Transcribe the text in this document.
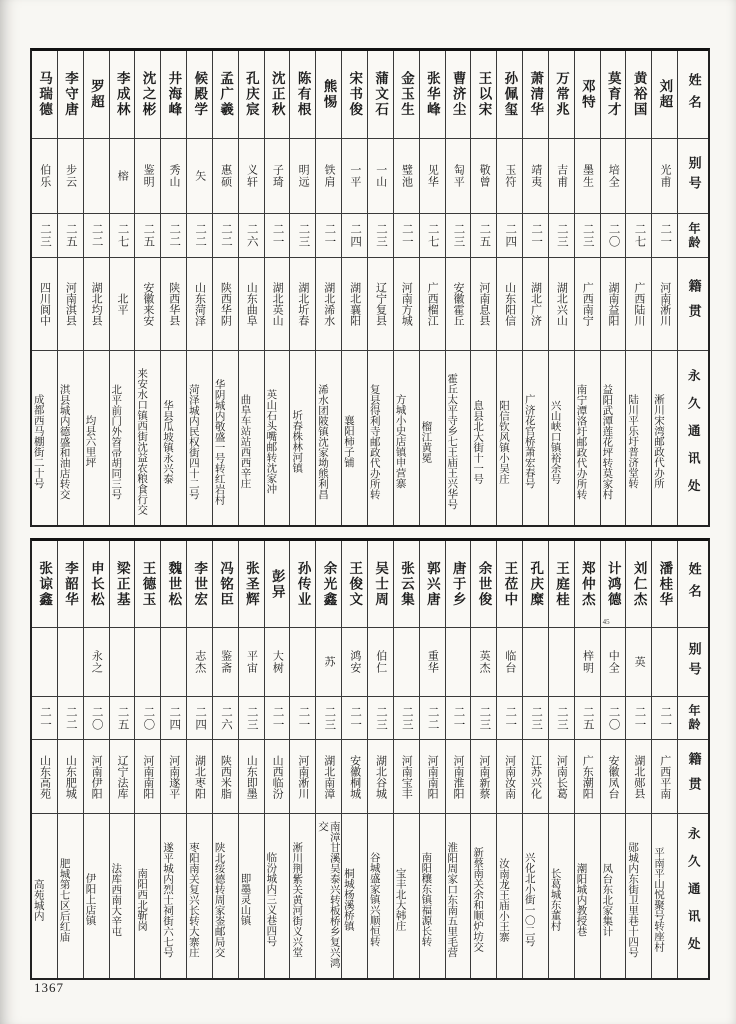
马瑞德
伯乐
二三
四川阆中
成都西马棚街二十号
李守唐
步云
二五
河南淇县
淇县城内德盛和油店转交
罗超
二二
湖北均县
均县六里坪
李成林
榕
二七
北平
北平前门外笤帚胡同三号
沈之彬
鉴明
二五
安徽来安
来安水口镇西街沈益农粮食行交
井海峰
秀山
二二
陕西华县
华县瓜坡镇永兴泰
候殿学
矢
二二
山东菏泽
菏泽城内民权街四十二号
孟广羲
惠硕
二二
陕西华阴
华阴城内敬盛一号转红岩村
孔庆宸
义轩
二六
山东曲阜
曲阜车站站西西辛庄
沈正秋
子琦
二一
湖北英山
英山石头嘴邮转沈家冲
陈有根
明远
二三
湖北圻春
圻春株林河镇
熊惕
铁肩
二一
湖北浠水
浠水团陂镇沈家坳熊利昌
宋书俊
一平
二四
湖北襄阳
襄阳柿子铺
蒲文石
一山
二三
辽宁复县
复县得利寺邮政代办所转
金玉生
璧池
二一
河南方城
方城小史店镇申营寨
张华峰
见华
二七
广西榴江
榴江黄冕
曹济尘
匋平
二三
安徽霍丘
霍丘太平寺乡七王庙王兴华号
王以宋
敬曾
二五
河南息县
息县北大街十一号
孙佩玺
玉符
二四
山东阳信
阳信钦风镇小吴庄
萧清华
靖夷
二一
湖北广济
广济花官桥萧宏春号
万常兆
吉甫
二三
湖北兴山
兴山峡口镇裕余号
邓特
墨生
二三
广西南宁
南宁潭洛圩邮政代办所转
莫育才
培全
二〇
湖南益阳
益阳武潭莲花坪转莫家村
黄裕国
二七
广西陆川
陆川平乐圩普济堂转
刘超
光甫
二一
河南淅川
淅川宋湾邮政代办所
姓名
别号
年龄
籍贯
永久通讯处
张谅鑫
二一
山东高苑
高苑城内
李韶华
二二
山东肥城
肥城第七区后红庙
申长松
永之
二〇
河南伊阳
伊阳上店镇
梁正基
二五
辽宁法库
法库西南大辛屯
王德玉
二〇
河南南阳
南阳西北靳岗
魏世松
二四
河南遂平
遂平城内烈士祠街六七号
李世宏
志杰
二四
湖北枣阳
枣阳南关复兴长转大寨庄
冯铭臣
鉴斋
二六
陕西米脂
陕北绥德转周家崟邮局交
张圣辉
平宙
二三
山东即墨
即墨灵山镇
彭异
大树
二一
山西临汾
临汾城内三义巷四号
孙传业
二一
河南淅川
淅川荆紫关黄河街义兴堂
余光鑫
苏
二三
湖北南漳
南漳甘溪吴泰兴转板桥乡复兴鸿交
王俊文
鸿安
二一
安徽桐城
桐城杨溪桥镇
吴士周
伯仁
二三
湖北谷城
谷城盛家镇兴顺恒转
张云集
二三
河南宝丰
宝丰北大韩庄
郭兴唐
重华
二二
河南南阳
南阳穰东镇福源长转
唐于乡
二一
河南淮阳
淮阳周家口东南五里毛营
余世俊
英杰
二三
河南新蔡
新蔡南关余和顺炉坊交
王莅中
临台
二一
河南汝南
汝南龙王庙小王寨
孔庆糜
二三
江苏兴化
兴化北小街一〇二号
王庭桂
二三
河南长葛
长葛城东董村
郑仲杰
梓明
二五
广东潮阳
潮阳城内教授巷
计鸿德
45
中全
二〇
安徽凤台
凤台东北家集计
刘仁杰
英
二一
湖北郧县
郧城内东街卫里巷十四号
潘桂华
二一
广西平南
平南平山悦聚号转座村
姓名
别号
年龄
籍贯
永久通讯处
1367
